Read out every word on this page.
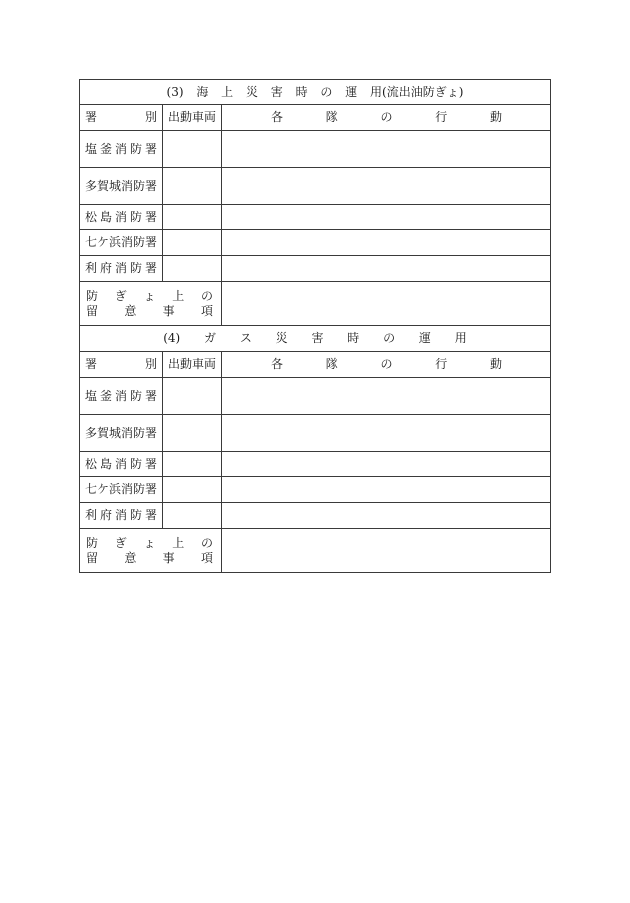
(3) 海 上 災 害 時 の 運 用(流出油防ぎょ)		

署 別	出動車両	各 隊 の 行 動

塩 釜 消 防 署		

多賀城消防署		

松 島 消 防 署		

七ケ浜消防署		

利 府 消 防 署		

防 ぎ ょ 上 の
留 意 事 項		

(4) ガ ス 災 害 時 の 運 用		

署 別	出動車両	各 隊 の 行 動

塩 釜 消 防 署		

多賀城消防署		

松 島 消 防 署		

七ケ浜消防署		

利 府 消 防 署		

防 ぎ ょ 上 の
留 意 事 項		
